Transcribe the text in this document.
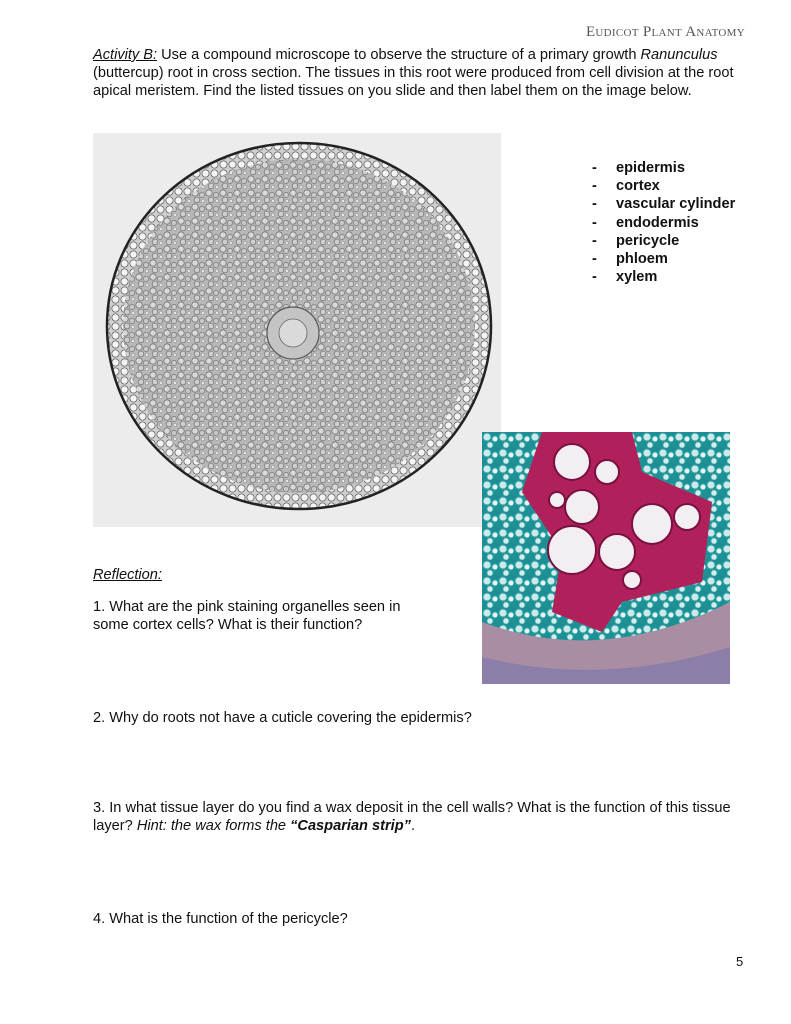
Eudicot Plant Anatomy
Activity B: Use a compound microscope to observe the structure of a primary growth Ranunculus (buttercup) root in cross section. The tissues in this root were produced from cell division at the root apical meristem. Find the listed tissues on you slide and then label them on the image below.
-	epidermis
-	cortex
-	vascular cylinder
-	endodermis
-	pericycle
-	phloem
-	xylem
Reflection:
1. What are the pink staining organelles seen in some cortex cells? What is their function?
2. Why do roots not have a cuticle covering the epidermis?
3. In what tissue layer do you find a wax deposit in the cell walls? What is the function of this tissue layer? Hint: the wax forms the “Casparian strip”.
4. What is the function of the pericycle?
5
